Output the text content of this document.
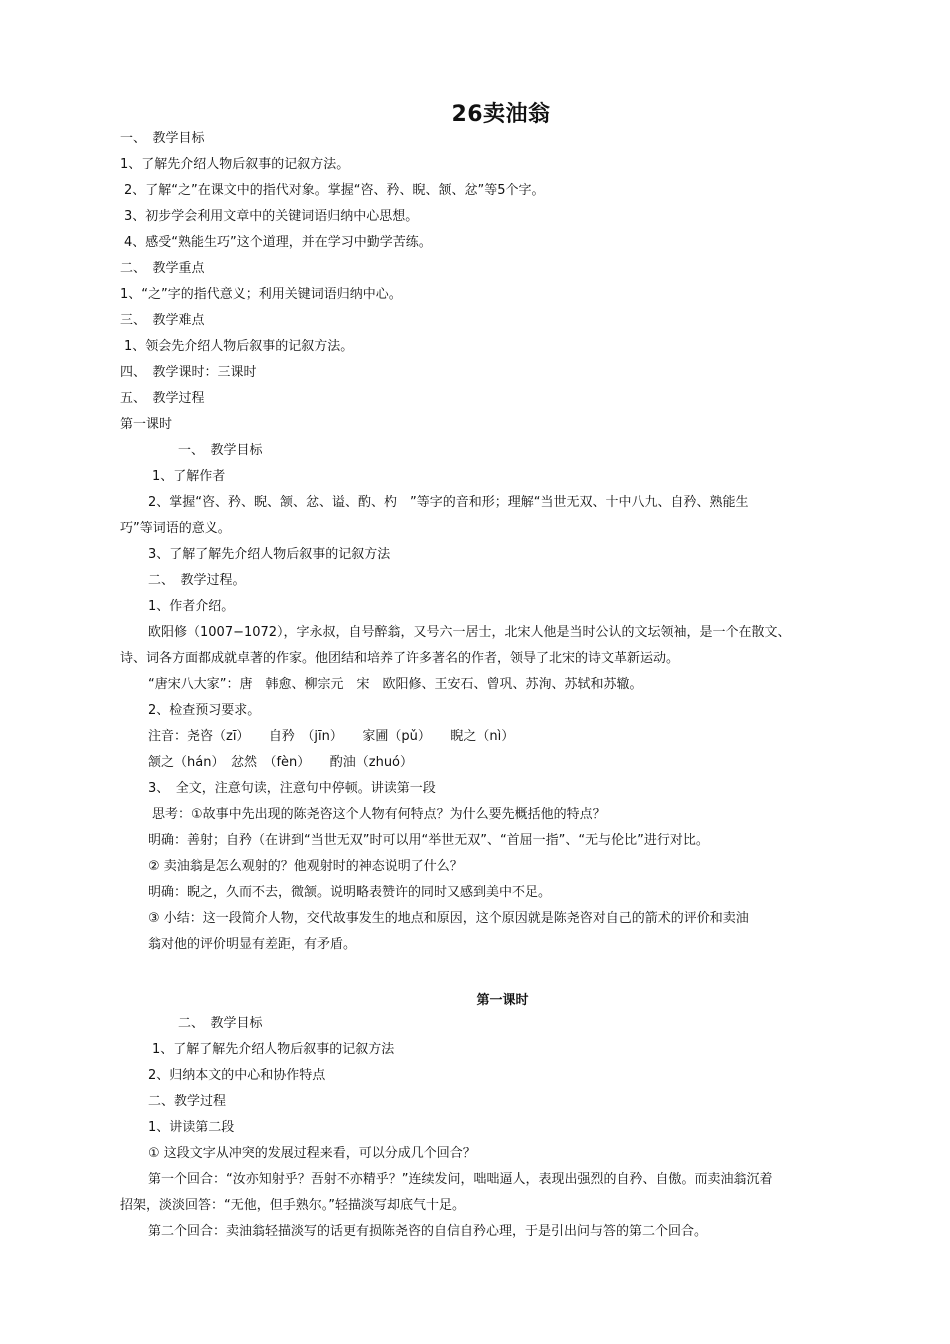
26卖油翁
一、　教学目标
1、了解先介绍人物后叙事的记叙方法。
2、了解“之”在课文中的指代对象。掌握“咨、矜、睨、颔、忿”等5个字。
3、初步学会利用文章中的关键词语归纳中心思想。
4、感受“熟能生巧”这个道理，并在学习中勤学苦练。
二、　教学重点
1、“之”字的指代意义；利用关键词语归纳中心。
三、　教学难点
1、领会先介绍人物后叙事的记叙方法。
四、　教学课时：三课时
五、　教学过程
第一课时
一、　教学目标
1、了解作者
2、掌握“咨、矜、睨、颔、忿、谥、酌、杓　”等字的音和形；理解“当世无双、十中八九、自矜、熟能生
巧”等词语的意义。
3、了解了解先介绍人物后叙事的记叙方法
二、　教学过程。
1、作者介绍。
欧阳修（1007−1072），字永叔，自号醉翁，又号六一居士，北宋人他是当时公认的文坛领袖，是一个在散文、
诗、词各方面都成就卓著的作家。他团结和培养了许多著名的作者，领导了北宋的诗文革新运动。
“唐宋八大家”：唐　韩愈、柳宗元　宋　欧阳修、王安石、曾巩、苏洵、苏轼和苏辙。
2、检查预习要求。
注音：尧咨（zī）　　自矜　（jīn）　　家圃（pǔ）　　睨之（nì）
颔之（hán）　忿然　（fèn）　　酌油（zhuó）
3、　全文，注意句读，注意句中停顿。讲读第一段
思考：①故事中先出现的陈尧咨这个人物有何特点？为什么要先概括他的特点？
明确：善射；自矜（在讲到“当世无双”时可以用“举世无双”、“首屈一指”、“无与伦比”进行对比。
② 卖油翁是怎么观射的？他观射时的神态说明了什么？
明确：睨之，久而不去，微颔。说明略表赞许的同时又感到美中不足。
③ 小结：这一段简介人物，交代故事发生的地点和原因，这个原因就是陈尧咨对自己的箭术的评价和卖油
翁对他的评价明显有差距，有矛盾。
第一课时
二、　教学目标
1、了解了解先介绍人物后叙事的记叙方法
2、归纳本文的中心和协作特点
二、教学过程
1、讲读第二段
① 这段文字从冲突的发展过程来看，可以分成几个回合？
第一个回合：“汝亦知射乎？吾射不亦精乎？”连续发问，咄咄逼人，表现出强烈的自矜、自傲。而卖油翁沉着
招架，淡淡回答：“无他，但手熟尔。”轻描淡写却底气十足。
第二个回合：卖油翁轻描淡写的话更有损陈尧咨的自信自矜心理，于是引出问与答的第二个回合。
